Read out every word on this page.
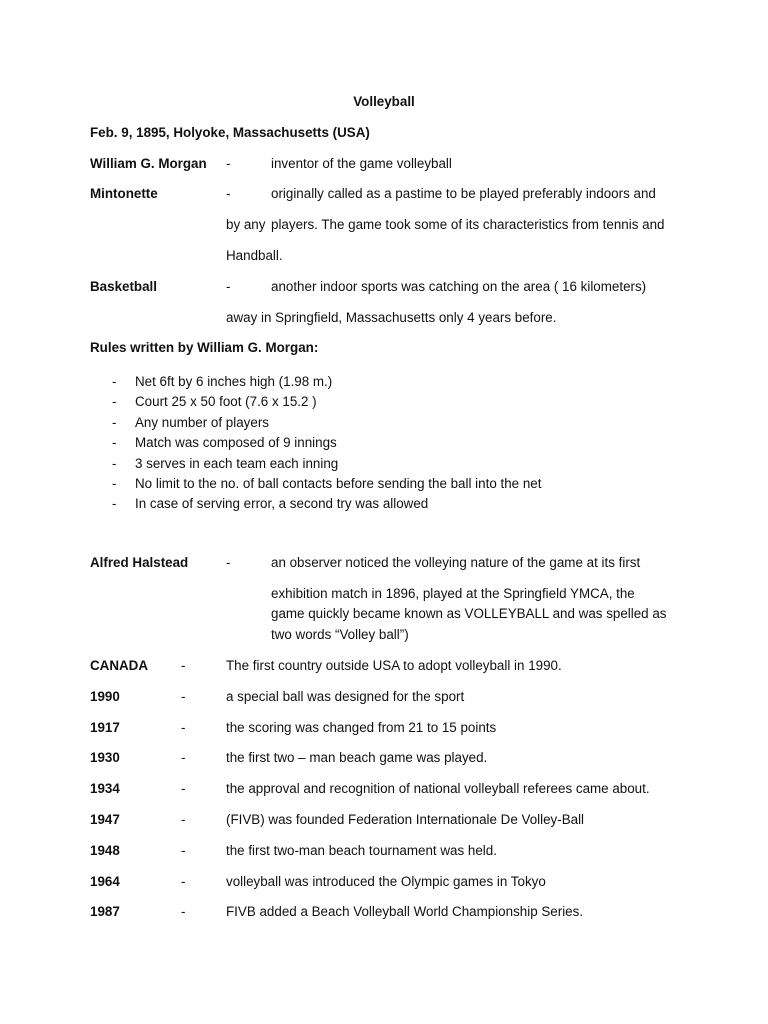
Volleyball
Feb. 9, 1895, Holyoke, Massachusetts (USA)
William G. Morgan -	inventor of the game volleyball
Mintonette	-	originally called as a pastime to be played preferably indoors and
by any players. The game took some of its characteristics from tennis and
Handball.
Basketball	-	another indoor sports was catching on the area ( 16 kilometers)
away in Springfield, Massachusetts only 4 years before.
Rules written by William G. Morgan:
- Net 6ft by 6 inches high (1.98 m.)
- Court 25 x 50 foot (7.6 x 15.2 )
- Any number of players
- Match was composed of 9 innings
- 3 serves in each team each inning
- No limit to the no. of ball contacts before sending the ball into the net
- In case of serving error, a second try was allowed
Alfred Halstead	-	an observer noticed the volleying nature of the game at its first
exhibition match in 1896, played at the Springfield YMCA, the
game quickly became known as VOLLEYBALL and was spelled as
two words “Volley ball”)
CANADA -	The first country outside USA to adopt volleyball in 1990.
1990	-	a special ball was designed for the sport
1917	-	the scoring was changed from 21 to 15 points
1930	-	the first two – man beach game was played.
1934	-	the approval and recognition of national volleyball referees came about.
1947	-	(FIVB) was founded Federation Internationale De Volley-Ball
1948	-	the first two-man beach tournament was held.
1964	-	volleyball was introduced the Olympic games in Tokyo
1987	-	FIVB added a Beach Volleyball World Championship Series.
